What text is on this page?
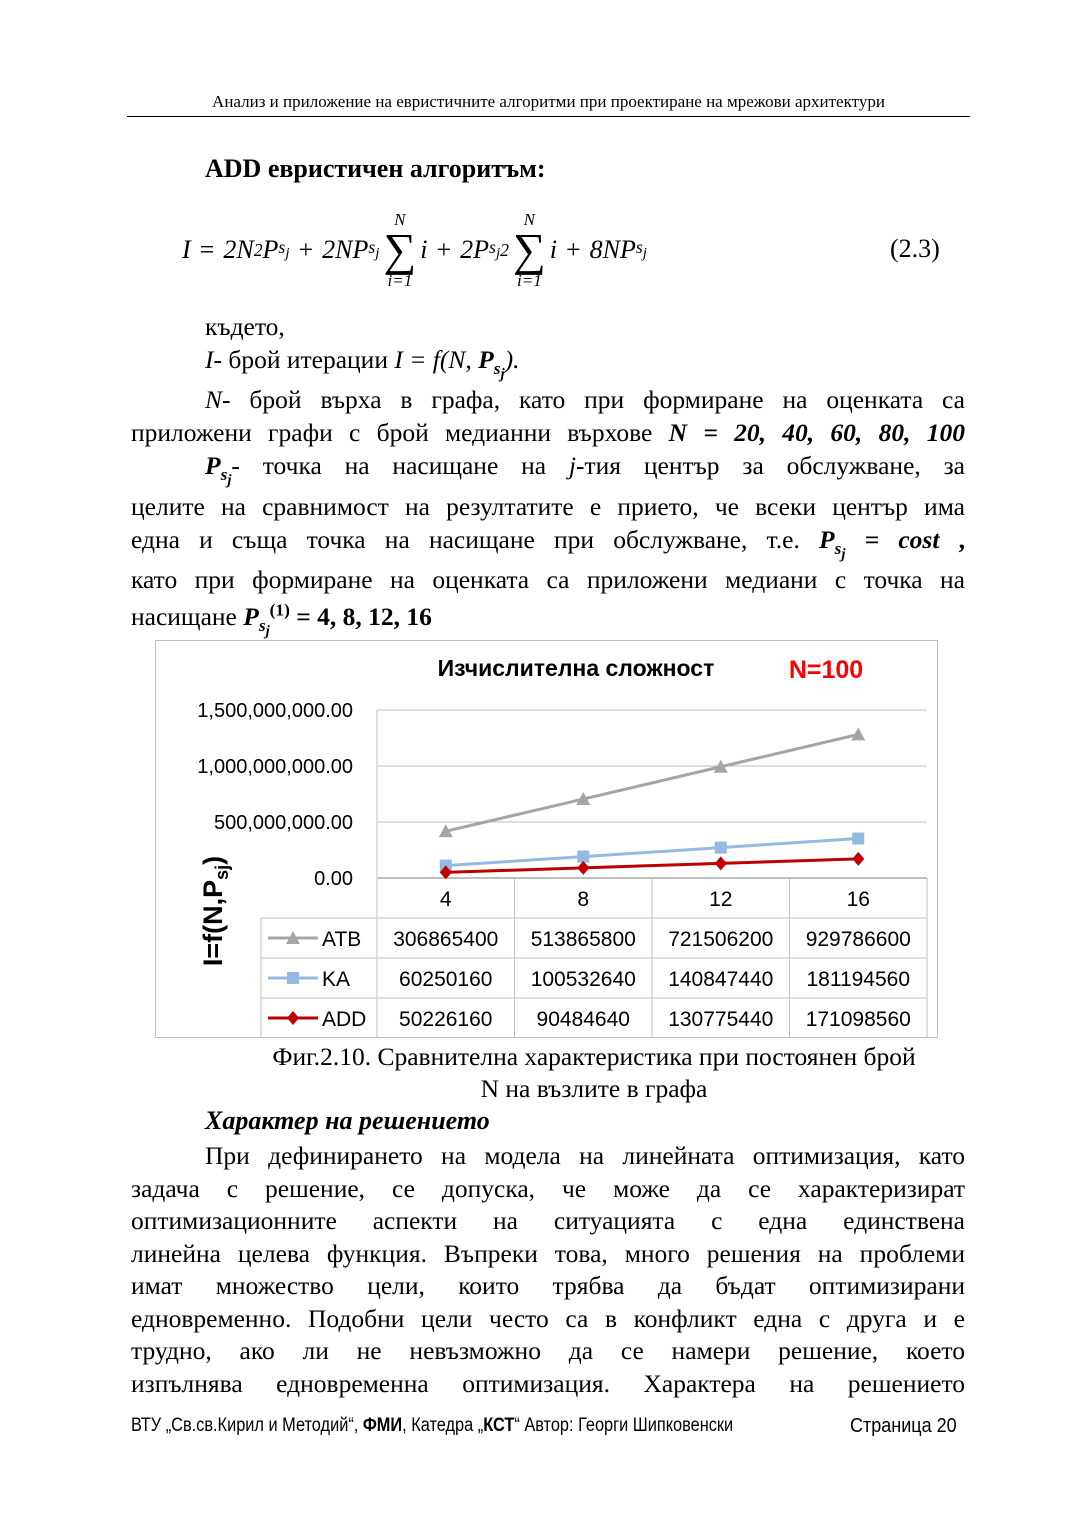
Анализ и приложение на евристичните алгоритми при проектиране на мрежови архитектури
ADD евристичен алгоритъм:
I = 2N 2 P $s_j + 2NP$ $s_j$
N
∑
i=1
i + 2P $s_j$ 2
N
∑
i=1
i + 8NP $s_j$	(2.3)
където,
I- брой итерации I = f(N, $P_{s_j}$).
N- брой върха в графа, като при формиране на оценката са
приложени графи с брой медианни върхове N = 20, 40, 60, 80, 100
$P_{s_j}-$ точка на насищане на j-тия център за обслужване, за
целите на сравнимост на резултатите е прието, че всеки център има
една и съща точка на насищане при обслужване, т.е. $P_{s_j} = \cos t$ ,
като при формиране на оценката са приложени медиани с точка на
насищане $P_{s_j}^{(1)} = 4$, 8, 12, 16
Изчислителна сложност	N=100
0.00
500,000,000.00
1,000,000,000.00
1,500,000,000.00
$I=f(N,P_{sj})$
4	8	12	16
ATB 306865400 513865800 721506200 929786600
KA 60250160 100532640 140847440 181194560
ADD 50226160 90484640 130775440 171098560
Фиг.2.10. Сравнителна характеристика при постоянен брой
N на възлите в графа
Характер на решението
При дефинирането на модела на линейната оптимизация, като
задача с решение, се допуска, че може да се характеризират
оптимизационните аспекти на ситуацията с една единствена
линейна целева функция. Въпреки това, много решения на проблеми
имат множество цели, които трябва да бъдат оптимизирани
едновременно. Подобни цели често са в конфликт една с друга и е
трудно, ако ли не невъзможно да се намери решение, което
изпълнява едновременна оптимизация. Характера на решението
ВТУ „Св.св.Кирил и Методий“, ФМИ, Катедра „КСТ“ Автор: Георги Шипковенски	Страница 20
